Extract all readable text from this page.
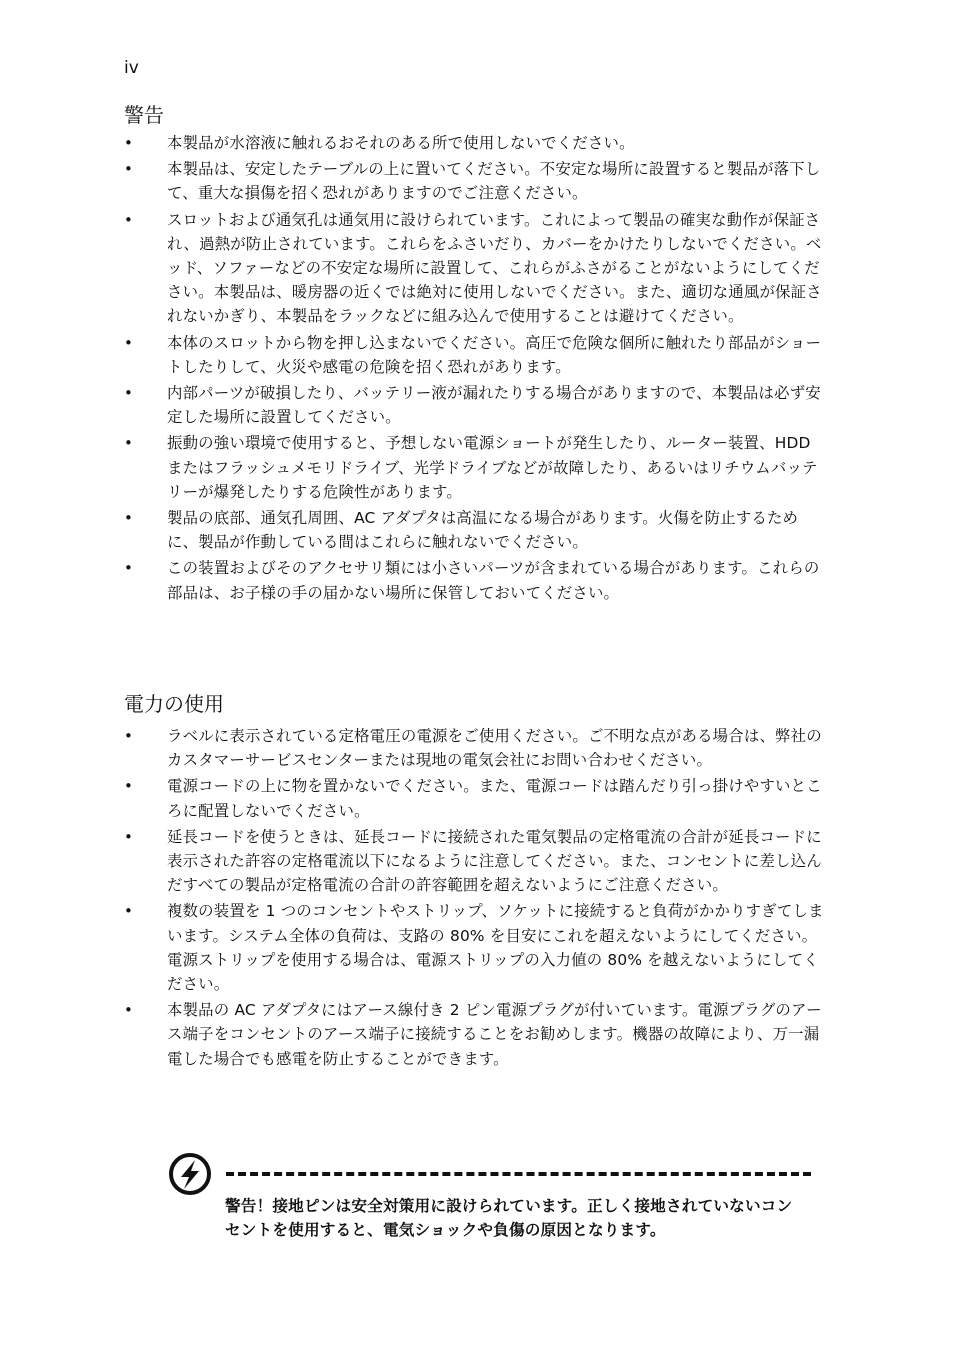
iv
警告
•	本製品が水溶液に触れるおそれのある所で使用しないでください。
•	本製品は、安定したテーブルの上に置いてください。不安定な場所に設置すると製品が落下して、重大な損傷を招く恐れがありますのでご注意ください。
•	スロットおよび通気孔は通気用に設けられています。これによって製品の確実な動作が保証され、過熱が防止されています。これらをふさいだり、カバーをかけたりしないでください。ベッド、ソファーなどの不安定な場所に設置して、これらがふさがることがないようにしてください。本製品は、暖房器の近くでは絶対に使用しないでください。また、適切な通風が保証されないかぎり、本製品をラックなどに組み込んで使用することは避けてください。
•	本体のスロットから物を押し込まないでください。高圧で危険な個所に触れたり部品がショートしたりして、火災や感電の危険を招く恐れがあります。
•	内部パーツが破損したり、バッテリー液が漏れたりする場合がありますので、本製品は必ず安定した場所に設置してください。
•	振動の強い環境で使用すると、予想しない電源ショートが発生したり、ルーター装置、HDD またはフラッシュメモリドライブ、光学ドライブなどが故障したり、あるいはリチウムバッテリーが爆発したりする危険性があります。
•	製品の底部、通気孔周囲、AC アダプタは高温になる場合があります。火傷を防止するために、製品が作動している間はこれらに触れないでください。
•	この装置およびそのアクセサリ類には小さいパーツが含まれている場合があります。これらの部品は、お子様の手の届かない場所に保管しておいてください。
電力の使用
•	ラベルに表示されている定格電圧の電源をご使用ください。ご不明な点がある場合は、弊社のカスタマーサービスセンターまたは現地の電気会社にお問い合わせください。
•	電源コードの上に物を置かないでください。また、電源コードは踏んだり引っ掛けやすいところに配置しないでください。
•	延長コードを使うときは、延長コードに接続された電気製品の定格電流の合計が延長コードに表示された許容の定格電流以下になるように注意してください。また、コンセントに差し込んだすべての製品が定格電流の合計の許容範囲を超えないようにご注意ください。
•	複数の装置を 1 つのコンセントやストリップ、ソケットに接続すると負荷がかかりすぎてしまいます。システム全体の負荷は、支路の 80% を目安にこれを超えないようにしてください。電源ストリップを使用する場合は、電源ストリップの入力値の 80% を越えないようにしてください。
•	本製品の AC アダプタにはアース線付き 2 ピン電源プラグが付いています。電源プラグのアース端子をコンセントのアース端子に接続することをお勧めします。機器の故障により、万一漏電した場合でも感電を防止することができます。
警告！接地ピンは安全対策用に設けられています。正しく接地されていないコンセントを使用すると、電気ショックや負傷の原因となります。
